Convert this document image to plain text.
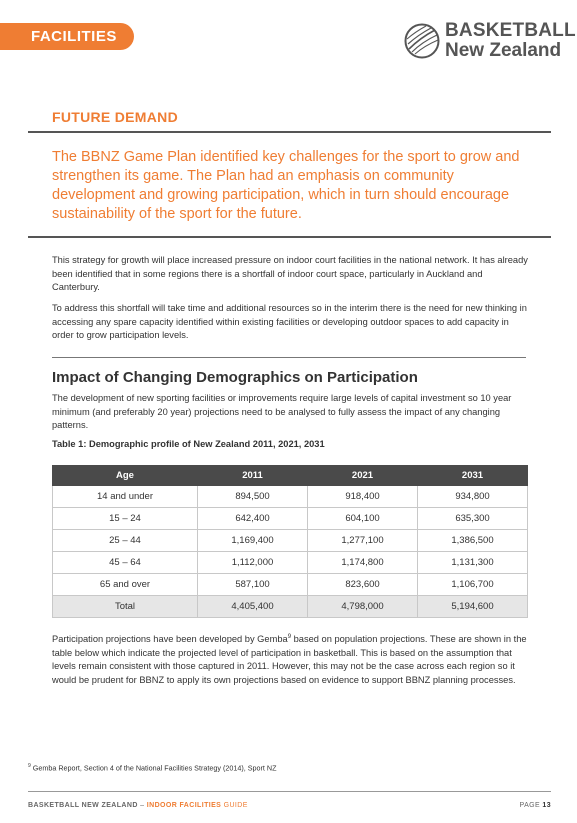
FACILITIES	BASKETBALL
New Zealand
FUTURE DEMAND
The BBNZ Game Plan identified key challenges for the sport to grow and strengthen its game. The Plan had an emphasis on community development and growing participation, which in turn should encourage sustainability of the sport for the future.
This strategy for growth will place increased pressure on indoor court facilities in the national network. It has already been identified that in some regions there is a shortfall of indoor court space, particularly in Auckland and Canterbury.
To address this shortfall will take time and additional resources so in the interim there is the need for new thinking in accessing any spare capacity identified within existing facilities or developing outdoor spaces to add capacity in order to grow participation levels.
Impact of Changing Demographics on Participation
The development of new sporting facilities or improvements require large levels of capital investment so 10 year minimum (and preferably 20 year) projections need to be analysed to fully assess the impact of any changing patterns.
Table 1: Demographic profile of New Zealand 2011, 2021, 2031
Age	2011	2021	2031
14 and under	894,500	918,400	934,800
15 – 24	642,400	604,100	635,300
25 – 44	1,169,400	1,277,100	1,386,500
45 – 64	1,112,000	1,174,800	1,131,300
65 and over	587,100	823,600	1,106,700
Total	4,405,400	4,798,000	5,194,600
Participation projections have been developed by Gemba$^9$ based on population projections. These are shown in the table below which indicate the projected level of participation in basketball. This is based on the assumption that levels remain consistent with those captured in 2011. However, this may not be the case across each region so it would be prudent for BBNZ to apply its own projections based on evidence to support BBNZ planning processes.
$^9$ Gemba Report, Section 4 of the National Facilities Strategy (2014), Sport NZ
BASKETBALL NEW ZEALAND – INDOOR FACILITIES GUIDE	PAGE 13
